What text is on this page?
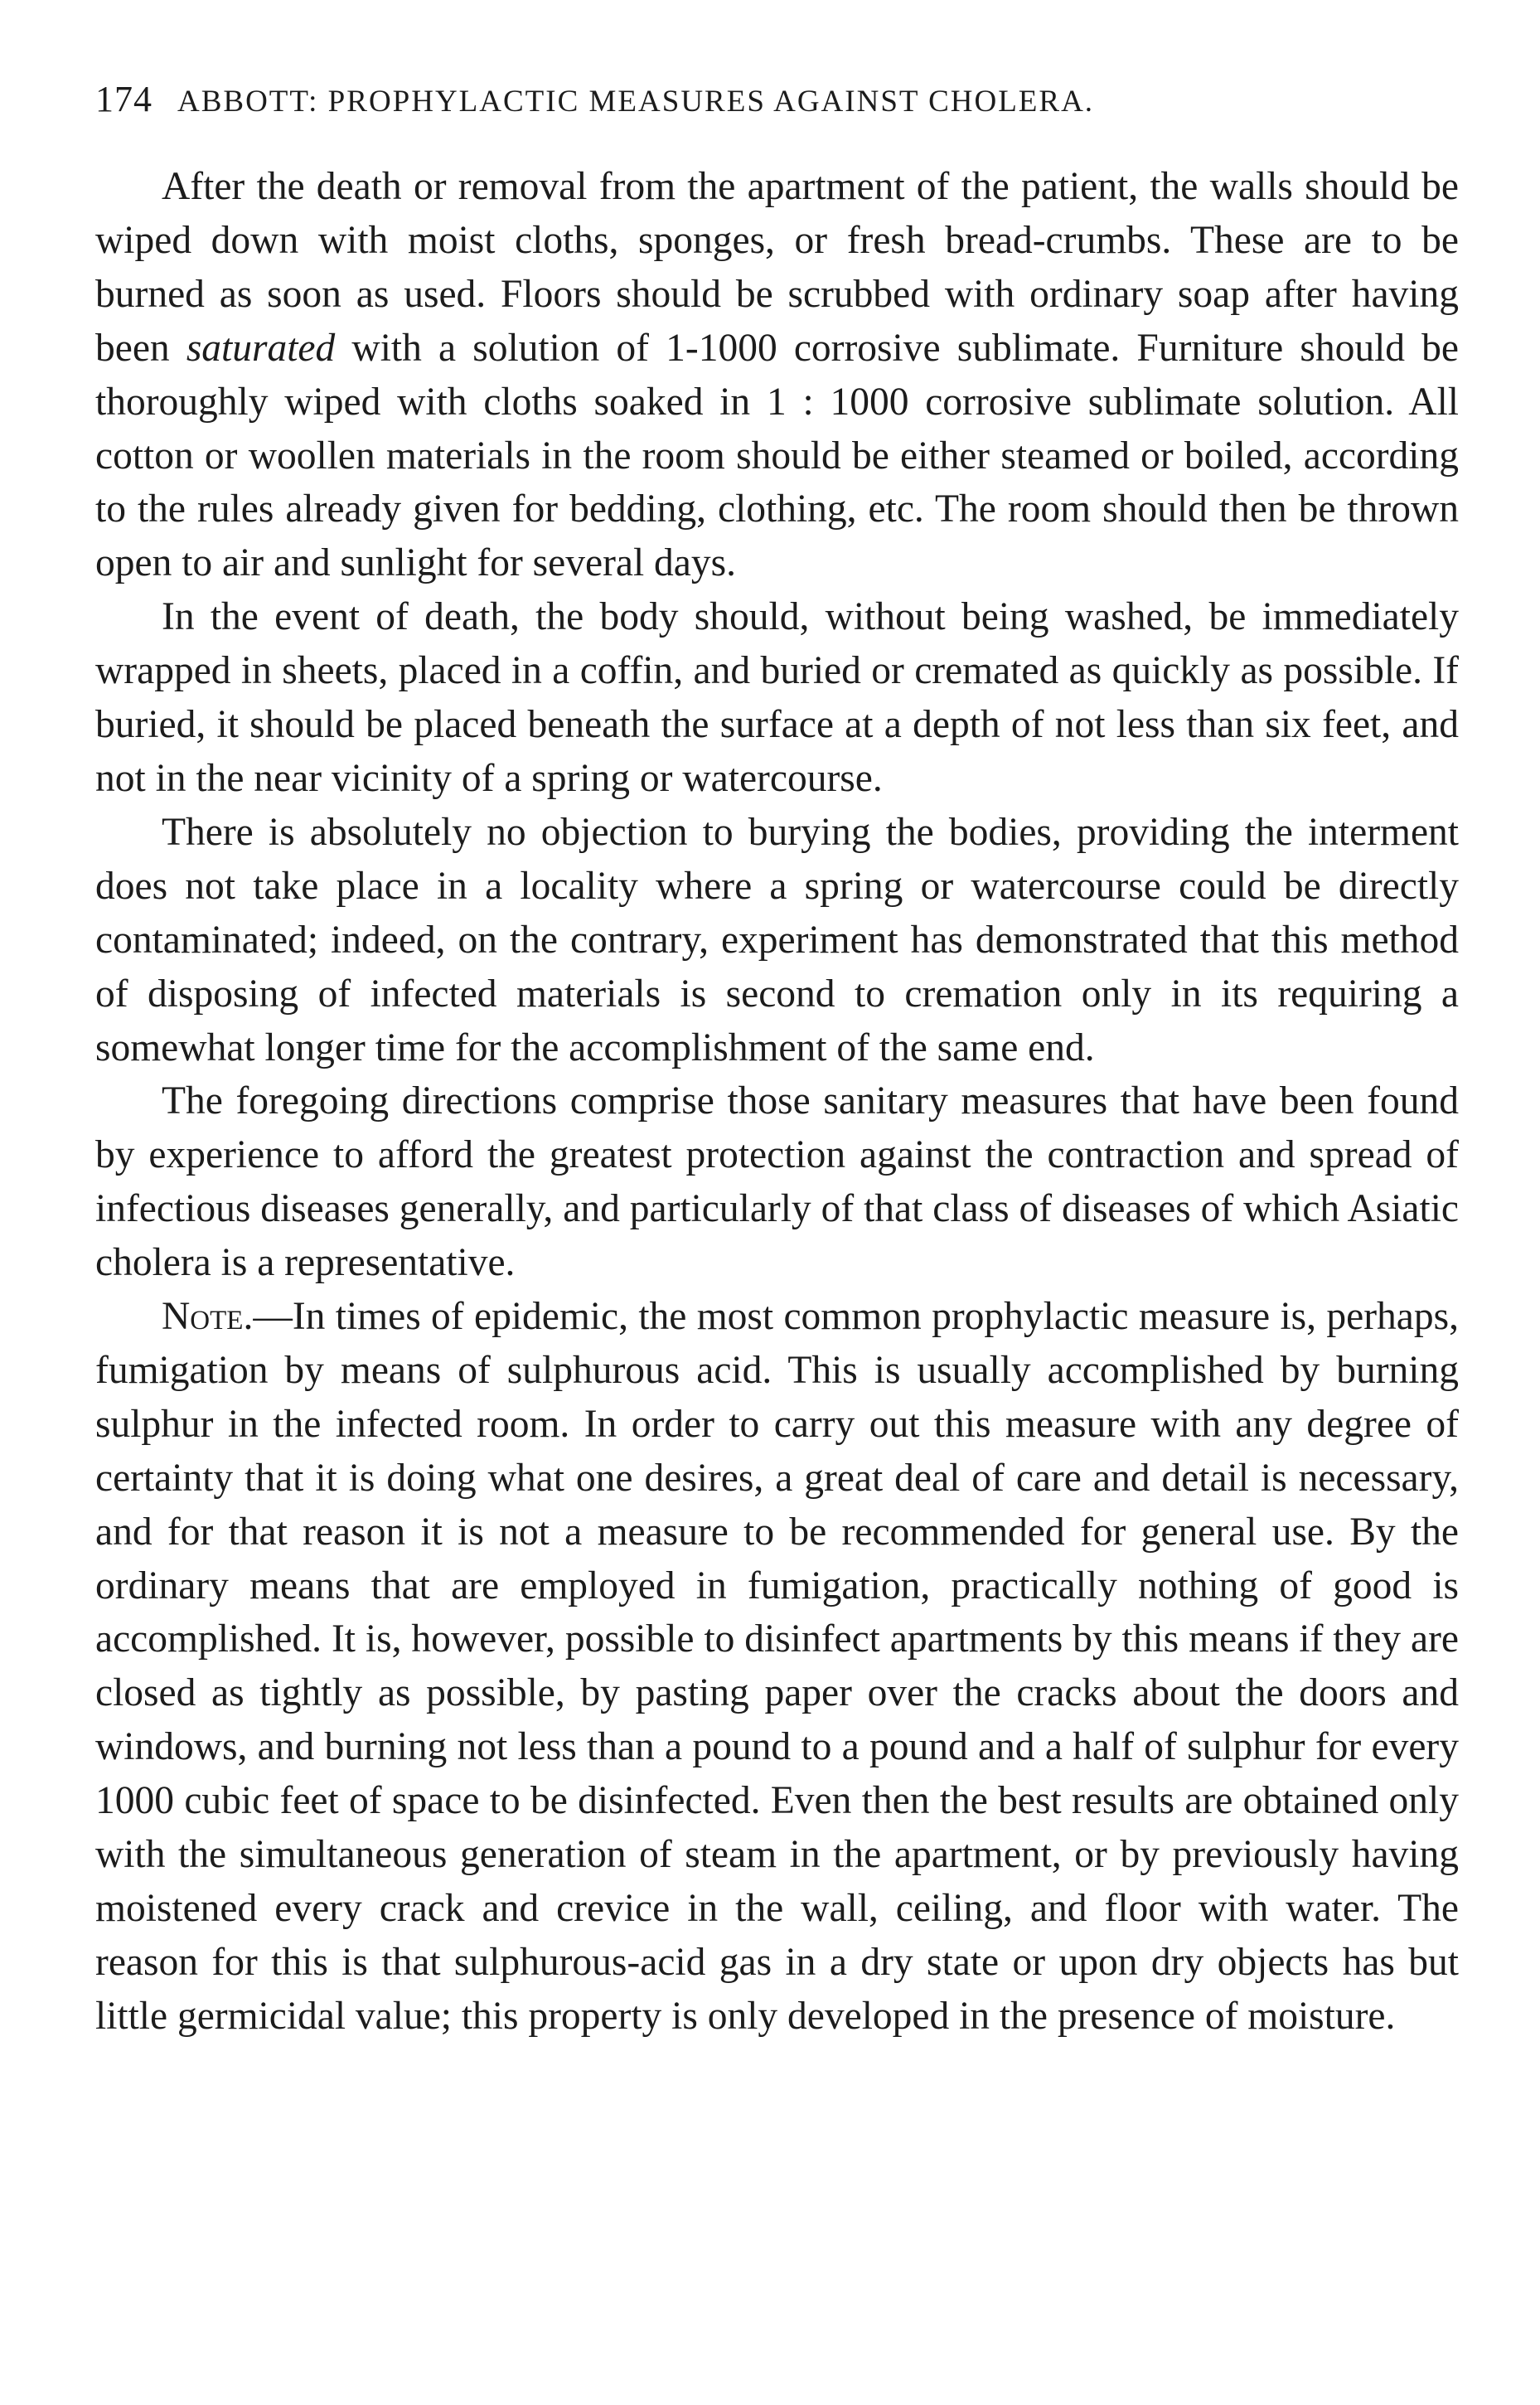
174 ABBOTT: PROPHYLACTIC MEASURES AGAINST CHOLERA.

After the death or removal from the apartment of the patient, the walls should be wiped down with moist cloths, sponges, or fresh bread-crumbs. These are to be burned as soon as used. Floors should be scrubbed with ordinary soap after having been saturated with a solution of 1-1000 corrosive sublimate. Furniture should be thoroughly wiped with cloths soaked in 1 : 1000 corrosive sublimate solution. All cotton or woollen materials in the room should be either steamed or boiled, according to the rules already given for bedding, clothing, etc. The room should then be thrown open to air and sunlight for several days.

In the event of death, the body should, without being washed, be immediately wrapped in sheets, placed in a coffin, and buried or cremated as quickly as possible. If buried, it should be placed beneath the surface at a depth of not less than six feet, and not in the near vicinity of a spring or watercourse.

There is absolutely no objection to burying the bodies, providing the interment does not take place in a locality where a spring or watercourse could be directly contaminated; indeed, on the contrary, experiment has demonstrated that this method of disposing of infected materials is second to cremation only in its requiring a somewhat longer time for the accomplishment of the same end.

The foregoing directions comprise those sanitary measures that have been found by experience to afford the greatest protection against the contraction and spread of infectious diseases generally, and particularly of that class of diseases of which Asiatic cholera is a representative.

Note.—In times of epidemic, the most common prophylactic measure is, perhaps, fumigation by means of sulphurous acid. This is usually accomplished by burning sulphur in the infected room. In order to carry out this measure with any degree of certainty that it is doing what one desires, a great deal of care and detail is necessary, and for that reason it is not a measure to be recommended for general use. By the ordinary means that are employed in fumigation, practically nothing of good is accomplished. It is, however, possible to disinfect apartments by this means if they are closed as tightly as possible, by pasting paper over the cracks about the doors and windows, and burning not less than a pound to a pound and a half of sulphur for every 1000 cubic feet of space to be disinfected. Even then the best results are obtained only with the simultaneous generation of steam in the apartment, or by previously having moistened every crack and crevice in the wall, ceiling, and floor with water. The reason for this is that sulphurous-acid gas in a dry state or upon dry objects has but little germicidal value; this property is only developed in the presence of moisture.
